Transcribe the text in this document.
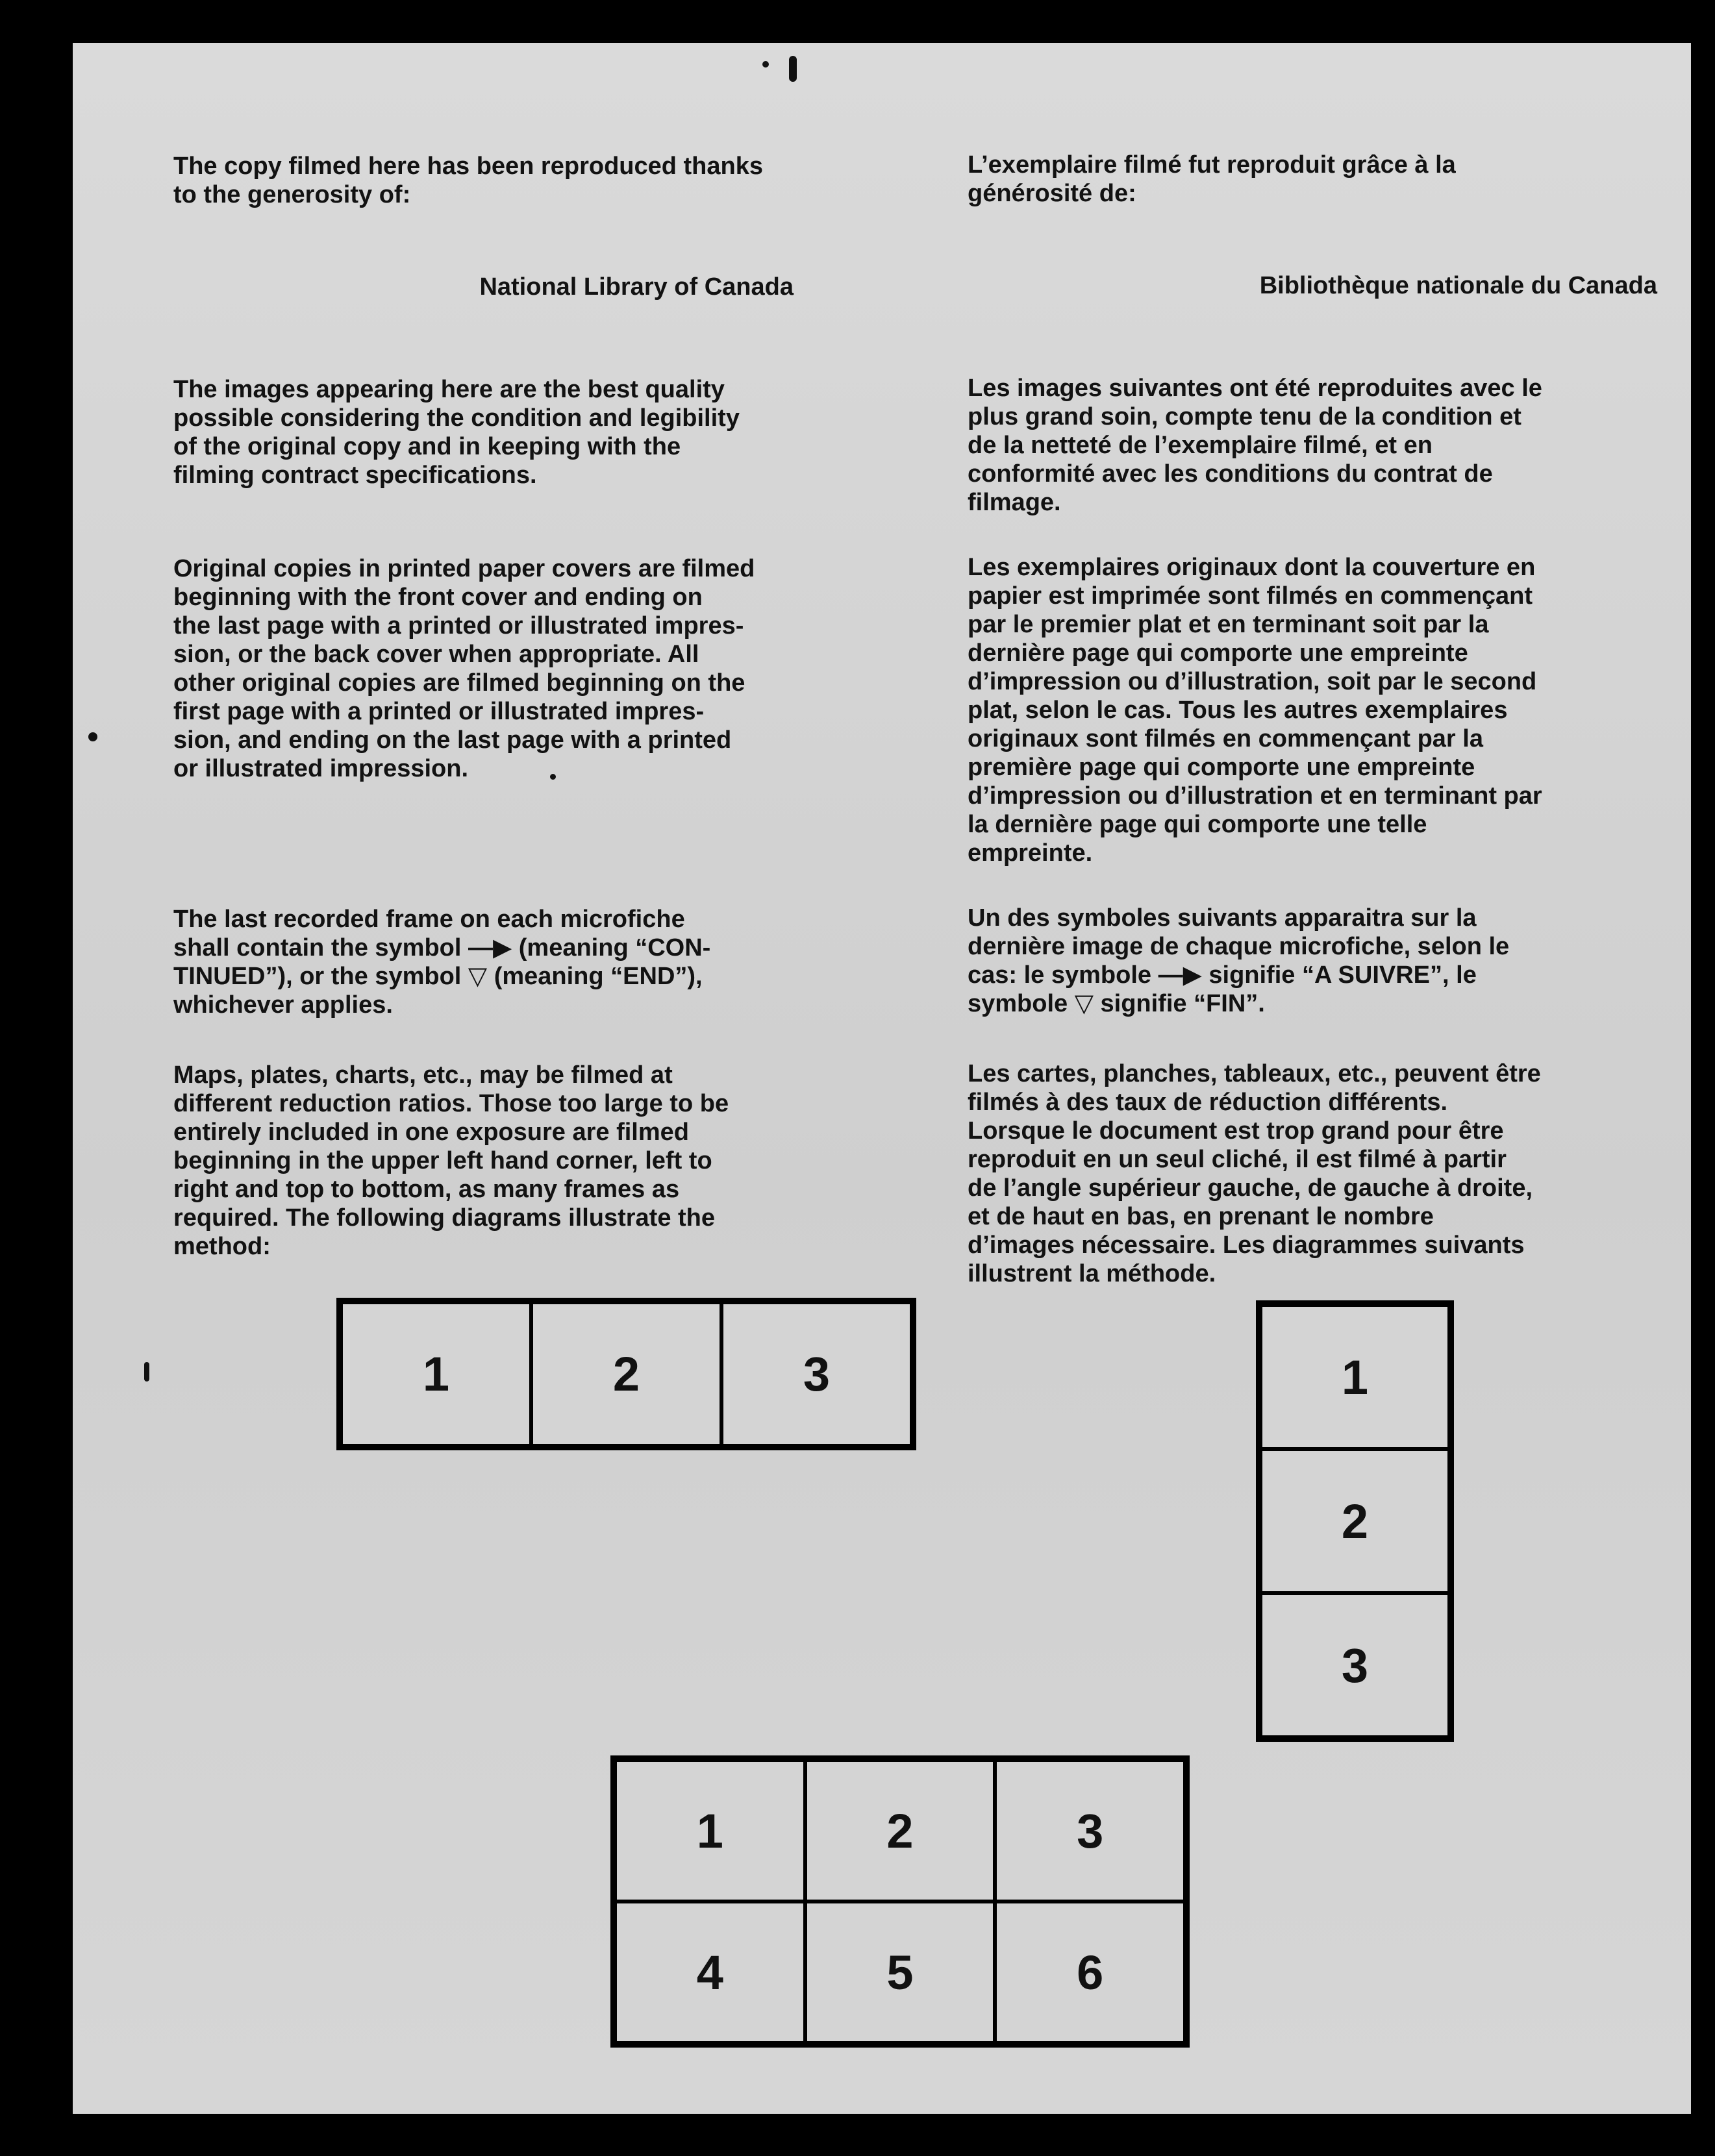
The copy filmed here has been reproduced thanks
to the generosity of:

National Library of Canada

The images appearing here are the best quality
possible considering the condition and legibility
of the original copy and in keeping with the
filming contract specifications.

Original copies in printed paper covers are filmed
beginning with the front cover and ending on
the last page with a printed or illustrated impres-
sion, or the back cover when appropriate. All
other original copies are filmed beginning on the
first page with a printed or illustrated impres-
sion, and ending on the last page with a printed
or illustrated impression.

The last recorded frame on each microfiche
shall contain the symbol —▶ (meaning “CON-
TINUED”), or the symbol ▽ (meaning “END”),
whichever applies.

Maps, plates, charts, etc., may be filmed at
different reduction ratios. Those too large to be
entirely included in one exposure are filmed
beginning in the upper left hand corner, left to
right and top to bottom, as many frames as
required. The following diagrams illustrate the
method:

L’exemplaire filmé fut reproduit grâce à la
générosité de:

Bibliothèque nationale du Canada

Les images suivantes ont été reproduites avec le
plus grand soin, compte tenu de la condition et
de la netteté de l’exemplaire filmé, et en
conformité avec les conditions du contrat de
filmage.

Les exemplaires originaux dont la couverture en
papier est imprimée sont filmés en commençant
par le premier plat et en terminant soit par la
dernière page qui comporte une empreinte
d’impression ou d’illustration, soit par le second
plat, selon le cas. Tous les autres exemplaires
originaux sont filmés en commençant par la
première page qui comporte une empreinte
d’impression ou d’illustration et en terminant par
la dernière page qui comporte une telle
empreinte.

Un des symboles suivants apparaitra sur la
dernière image de chaque microfiche, selon le
cas: le symbole —▶ signifie “A SUIVRE”, le
symbole ▽ signifie “FIN”.

Les cartes, planches, tableaux, etc., peuvent être
filmés à des taux de réduction différents.
Lorsque le document est trop grand pour être
reproduit en un seul cliché, il est filmé à partir
de l’angle supérieur gauche, de gauche à droite,
et de haut en bas, en prenant le nombre
d’images nécessaire. Les diagrammes suivants
illustrent la méthode.

1	2	3	1
2
3
1	2	3
4	5	6
